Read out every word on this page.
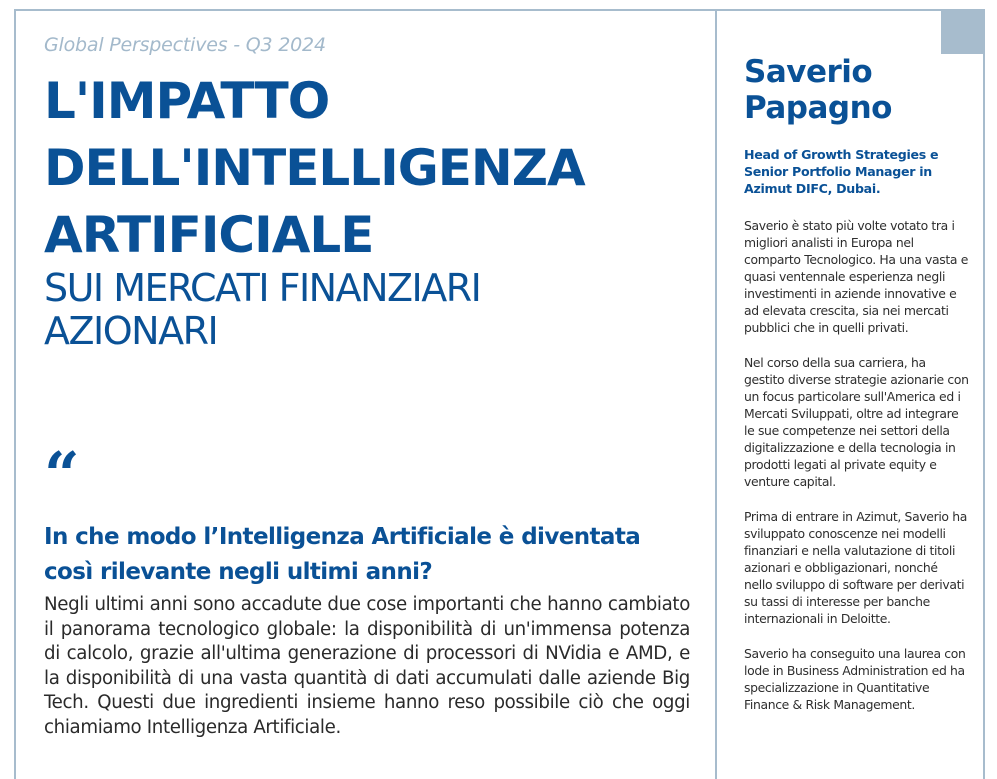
Global Perspectives - Q3 2024

L'IMPATTO
DELL'INTELLIGENZA
ARTIFICIALE
SUI MERCATI FINANZIARI
AZIONARI
“
In che modo l’Intelligenza Artificiale è diventata così rilevante negli ultimi anni?

Negli ultimi anni sono accadute due cose importanti che hanno cambiato il panorama tecnologico globale: la disponibilità di un'immensa potenza di calcolo, grazie all'ultima generazione di processori di NVidia e AMD, e la disponibilità di una vasta quantità di dati accumulati dalle aziende Big Tech. Questi due ingredienti insieme hanno reso possibile ciò che oggi chiamiamo Intelligenza Artificiale.

Saverio
Papagno

Head of Growth Strategies e Senior Portfolio Manager in Azimut DIFC, Dubai.

Saverio è stato più volte votato tra i migliori analisti in Europa nel comparto Tecnologico. Ha una vasta e quasi ventennale esperienza negli investimenti in aziende innovative e ad elevata crescita, sia nei mercati pubblici che in quelli privati.

Nel corso della sua carriera, ha gestito diverse strategie azionarie con un focus particolare sull'America ed i Mercati Sviluppati, oltre ad integrare le sue competenze nei settori della digitalizzazione e della tecnologia in prodotti legati al private equity e venture capital.

Prima di entrare in Azimut, Saverio ha sviluppato conoscenze nei modelli finanziari e nella valutazione di titoli azionari e obbligazionari, nonché nello sviluppo di software per derivati su tassi di interesse per banche internazionali in Deloitte.

Saverio ha conseguito una laurea con lode in Business Administration ed ha specializzazione in Quantitative Finance & Risk Management.
